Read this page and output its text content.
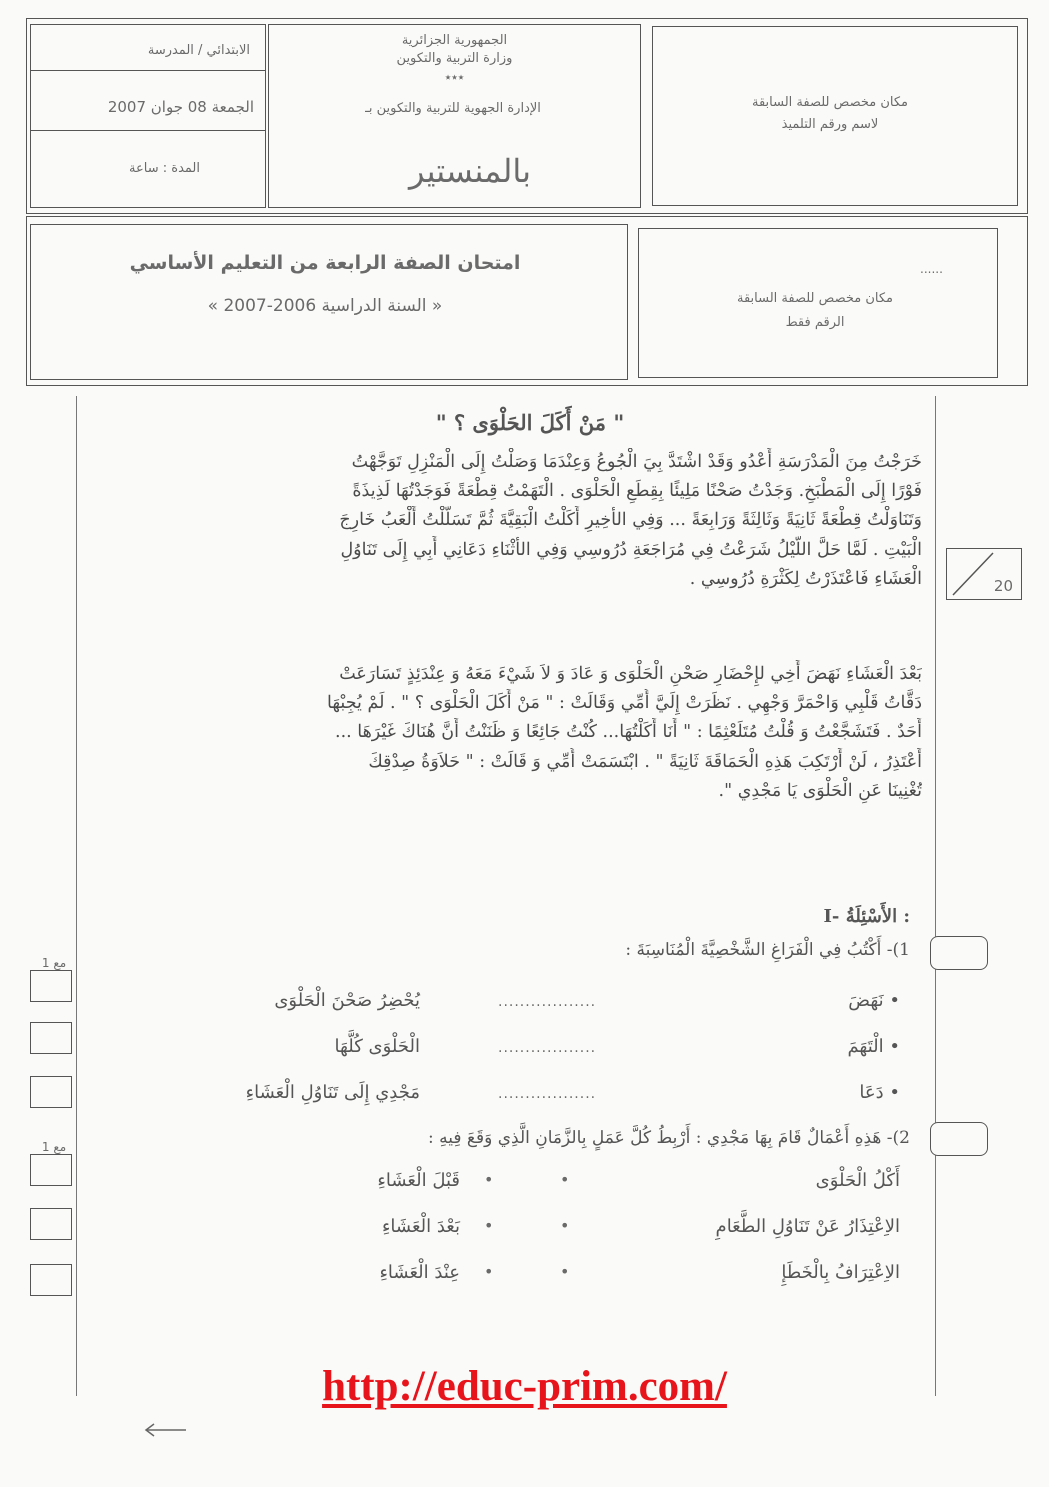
الابتدائي / المدرسة
الجمعة 08 جوان 2007
المدة : ساعة
الجمهورية الجزائرية
وزارة التربية والتكوين
٭٭٭
الإدارة الجهوية للتربية والتكوين بـ
بالمنستير
مكان مخصص للصفة السابقة
لاسم ورقم التلميذ
امتحان الصفة الرابعة من التعليم الأساسي
« السنة الدراسية 2006-2007 »
......
مكان مخصص للصفة السابقة
الرقم فقط
20
" مَنْ أَكَلَ الحَلْوَى ؟ "
خَرَجْتُ مِنَ الْمَدْرَسَةِ أَعْدُو وَقَدْ اشْتَدَّ بِيَ الْجُوعُ وَعِنْدَمَا وَصَلْتُ إِلَى الْمَنْزِلِ تَوَجَّهْتُ
فَوْرًا إِلَى الْمَطْبَخِ. وَجَدْتُ صَحْنًا مَلِيئًا بِقِطَعِ الْحَلْوَى . الْتَهَمْتُ قِطْعَةً فَوَجَدْتُهَا لَذِيذَةً
وَتَنَاوَلْتُ قِطْعَةً ثَانِيَةً وَثَالِثَةً وَرَابِعَةً ... وَفِي الأَخِيرِ أَكَلْتُ الْبَقِيَّةَ ثُمَّ تَسَلَّلْتُ أَلْعَبُ خَارِجَ
الْبَيْتِ . لَمَّا حَلَّ اللَّيْلُ شَرَعْتُ فِي مُرَاجَعَةِ دُرُوسِي وَفِي الأَثْنَاءِ دَعَانِي أَبِي إِلَى تَنَاوُلِ
الْعَشَاءِ فَاعْتَذَرْتُ لِكَثْرَةِ دُرُوسِي .
بَعْدَ الْعَشَاءِ نَهَضَ أَخِي لإِحْضَارِ صَحْنِ الْحَلْوَى وَ عَادَ وَ لاَ شَيْءَ مَعَهُ وَ عِنْدَئِذٍ تَسَارَعَتْ
دَقَّاتُ قَلْبِي وَاحْمَرَّ وَجْهِي . نَظَرَتْ إِلَيَّ أُمِّي وَقَالَتْ : " مَنْ أَكَلَ الْحَلْوَى ؟ " . لَمْ يُجِبْهَا
أَحَدٌ . فَتَشَجَّعْتُ وَ قُلْتُ مُتَلَعْثِمًا : " أَنَا أَكَلْتُهَا... كُنْتُ جَائِعًا وَ ظَنَنْتُ أَنَّ هُنَاكَ غَيْرَهَا ...
أَعْتَذِرُ ، لَنْ أَرْتَكِبَ هَذِهِ الْحَمَاقَةَ ثَانِيَةً " . ابْتَسَمَتْ أُمِّي وَ قَالَتْ : " حَلاَوَةُ صِدْقِكَ
تُغْنِينَا عَنِ الْحَلْوَى يَا مَجْدِي ".
I- الأَسْئِلَةُ :
1)- أَكْتُبُ فِي الْفَرَاغِ الشَّخْصِيَّةَ الْمُنَاسِبَةَ :
يُحْضِرُ صَحْنَ الْحَلْوَى	..................	• نَهَضَ
الْحَلْوَى كُلَّهَا	..................	• الْتَهَمَ
مَجْدِي إِلَى تَنَاوُلِ الْعَشَاءِ	..................	• دَعَا
مع 1
2)- هَذِهِ أَعْمَالٌ قَامَ بِهَا مَجْدِي : أَرْبِطُ كُلَّ عَمَلٍ بِالزَّمَانِ الَّذِي وَقَعَ فِيهِ :
قَبْلَ الْعَشَاءِ •	•	أَكْلُ الْحَلْوَى
بَعْدَ الْعَشَاءِ •	•	الاِعْتِذَارُ عَنْ تَنَاوُلِ الطَّعَامِ
عِنْدَ الْعَشَاءِ •	•	الاِعْتِرَافُ بِالْخَطَإِ
مع 1
http://educ-prim.com/
